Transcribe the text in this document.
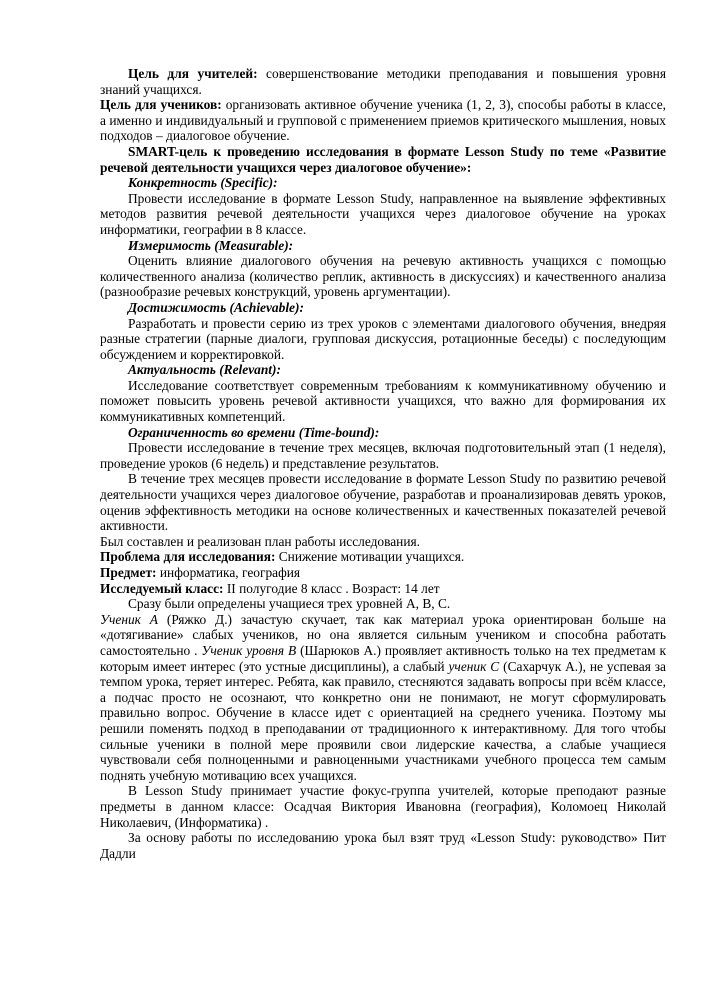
Цель для учителей: совершенствование методики преподавания и повышения уровня знаний учащихся.

Цель для учеников: организовать активное обучение ученика (1, 2, 3), способы работы в классе, а именно и индивидуальный и групповой с применением приемов критического мышления, новых подходов – диалоговое обучение.

SMART-цель к проведению исследования в формате Lesson Study по теме «Развитие речевой деятельности учащихся через диалоговое обучение»:

Конкретность (Specific):

Провести исследование в формате Lesson Study, направленное на выявление эффективных методов развития речевой деятельности учащихся через диалоговое обучение на уроках информатики, географии в 8 классе.

Измеримость (Measurable):

Оценить влияние диалогового обучения на речевую активность учащихся с помощью количественного анализа (количество реплик, активность в дискуссиях) и качественного анализа (разнообразие речевых конструкций, уровень аргументации).

Достижимость (Achievable):

Разработать и провести серию из трех уроков с элементами диалогового обучения, внедряя разные стратегии (парные диалоги, групповая дискуссия, ротационные беседы) с последующим обсуждением и корректировкой.

Актуальность (Relevant):

Исследование соответствует современным требованиям к коммуникативному обучению и поможет повысить уровень речевой активности учащихся, что важно для формирования их коммуникативных компетенций.

Ограниченность во времени (Time-bound):

Провести исследование в течение трех месяцев, включая подготовительный этап (1 неделя), проведение уроков (6 недель) и представление результатов.

В течение трех месяцев провести исследование в формате Lesson Study по развитию речевой деятельности учащихся через диалоговое обучение, разработав и проанализировав девять уроков, оценив эффективность методики на основе количественных и качественных показателей речевой активности.

Был составлен и реализован план работы исследования.

Проблема для исследования: Снижение мотивации учащихся.

Предмет: информатика, география

Исследуемый класс: II полугодие 8 класс . Возраст: 14 лет

Сразу были определены учащиеся трех уровней А, В, С.

Ученик А (Ряжко Д.) зачастую скучает, так как материал урока ориентирован больше на «дотягивание» слабых учеников, но она является сильным учеником и способна работать самостоятельно . Ученик уровня В (Шарюков А.) проявляет активность только на тех предметам к которым имеет интерес (это устные дисциплины), а слабый ученик С (Сахарчук А.), не успевая за темпом урока, теряет интерес. Ребята, как правило, стесняются задавать вопросы при всём классе, а подчас просто не осознают, что конкретно они не понимают, не могут сформулировать правильно вопрос. Обучение в классе идет с ориентацией на среднего ученика. Поэтому мы решили поменять подход в преподавании от традиционного к интерактивному. Для того чтобы сильные ученики в полной мере проявили свои лидерские качества, а слабые учащиеся чувствовали себя полноценными и равноценными участниками учебного процесса тем самым поднять учебную мотивацию всех учащихся.

В Lesson Study принимает участие фокус-группа учителей, которые преподают разные предметы в данном классе: Осадчая Виктория Ивановна (география), Коломоец Николай Николаевич, (Информатика) .

За основу работы по исследованию урока был взят труд «Lesson Study: руководство» Пит Дадли
